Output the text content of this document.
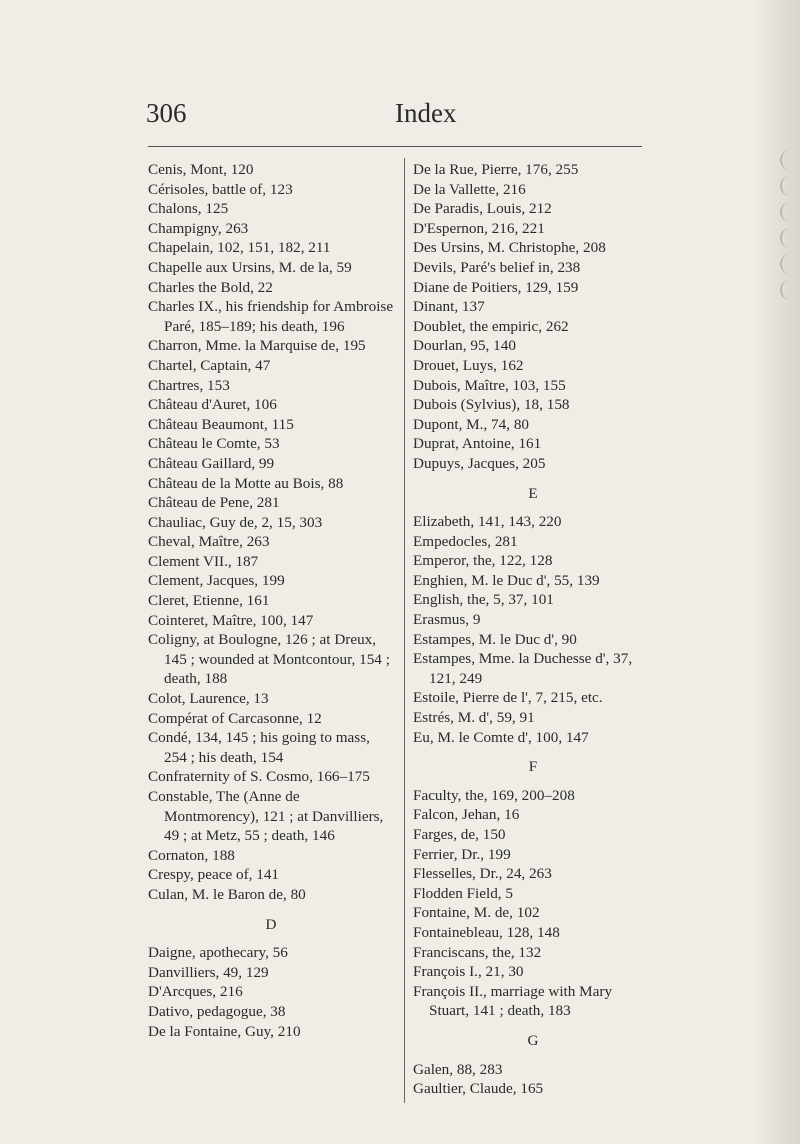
306	Index
Cenis, Mont, 120
Cérisoles, battle of, 123
Chalons, 125
Champigny, 263
Chapelain, 102, 151, 182, 211
Chapelle aux Ursins, M. de la, 59
Charles the Bold, 22
Charles IX., his friendship for Ambroise Paré, 185–189; his death, 196
Charron, Mme. la Marquise de, 195
Chartel, Captain, 47
Chartres, 153
Château d'Auret, 106
Château Beaumont, 115
Château le Comte, 53
Château Gaillard, 99
Château de la Motte au Bois, 88
Château de Pene, 281
Chauliac, Guy de, 2, 15, 303
Cheval, Maître, 263
Clement VII., 187
Clement, Jacques, 199
Cleret, Etienne, 161
Cointeret, Maître, 100, 147
Coligny, at Boulogne, 126 ; at Dreux, 145 ; wounded at Montcontour, 154 ; death, 188
Colot, Laurence, 13
Compérat of Carcasonne, 12
Condé, 134, 145 ; his going to mass, 254 ; his death, 154
Confraternity of S. Cosmo, 166–175
Constable, The (Anne de Montmorency), 121 ; at Danvilliers, 49 ; at Metz, 55 ; death, 146
Cornaton, 188
Crespy, peace of, 141
Culan, M. le Baron de, 80
D
Daigne, apothecary, 56
Danvilliers, 49, 129
D'Arcques, 216
Dativo, pedagogue, 38
De la Fontaine, Guy, 210
De la Rue, Pierre, 176, 255
De la Vallette, 216
De Paradis, Louis, 212
D'Espernon, 216, 221
Des Ursins, M. Christophe, 208
Devils, Paré's belief in, 238
Diane de Poitiers, 129, 159
Dinant, 137
Doublet, the empiric, 262
Dourlan, 95, 140
Drouet, Luys, 162
Dubois, Maître, 103, 155
Dubois (Sylvius), 18, 158
Dupont, M., 74, 80
Duprat, Antoine, 161
Dupuys, Jacques, 205
E
Elizabeth, 141, 143, 220
Empedocles, 281
Emperor, the, 122, 128
Enghien, M. le Duc d', 55, 139
English, the, 5, 37, 101
Erasmus, 9
Estampes, M. le Duc d', 90
Estampes, Mme. la Duchesse d', 37, 121, 249
Estoile, Pierre de l', 7, 215, etc.
Estrés, M. d', 59, 91
Eu, M. le Comte d', 100, 147
F
Faculty, the, 169, 200–208
Falcon, Jehan, 16
Farges, de, 150
Ferrier, Dr., 199
Flesselles, Dr., 24, 263
Flodden Field, 5
Fontaine, M. de, 102
Fontainebleau, 128, 148
Franciscans, the, 132
François I., 21, 30
François II., marriage with Mary Stuart, 141 ; death, 183
G
Galen, 88, 283
Gaultier, Claude, 165
